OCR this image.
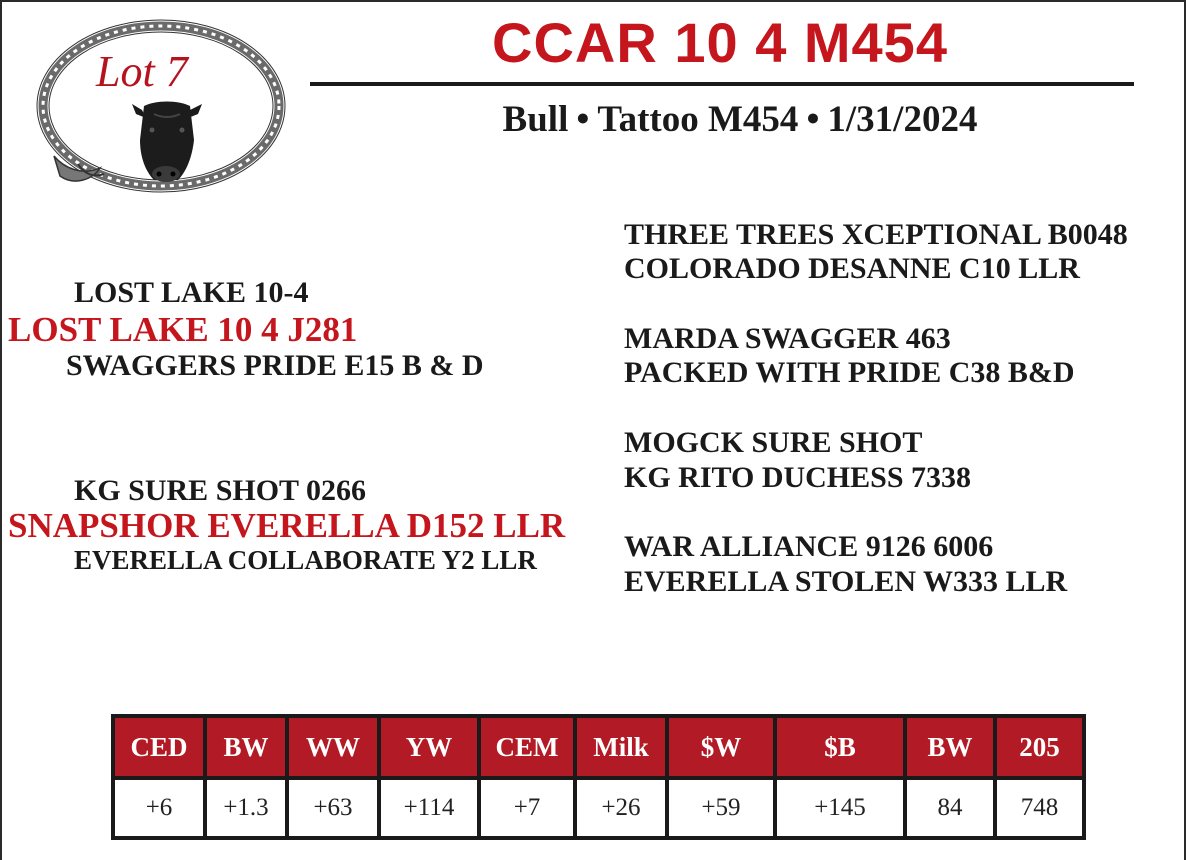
Lot 7	CCAR 10 4 M454
Bull • Tattoo M454 • 1/31/2024
LOST LAKE 10-4
LOST LAKE 10 4 J281
SWAGGERS PRIDE E15 B & D
KG SURE SHOT 0266
SNAPSHOR EVERELLA D152 LLR
EVERELLA COLLABORATE Y2 LLR
THREE TREES XCEPTIONAL B0048
COLORADO DESANNE C10 LLR
MARDA SWAGGER 463
PACKED WITH PRIDE C38 B&D
MOGCK SURE SHOT
KG RITO DUCHESS 7338
WAR ALLIANCE 9126 6006
EVERELLA STOLEN W333 LLR
CED
+6
BW
+1.3
WW
+63
YW
+114
CEM
+7
Milk
+26
$W
+59
$B
+145
BW
84
205
748
